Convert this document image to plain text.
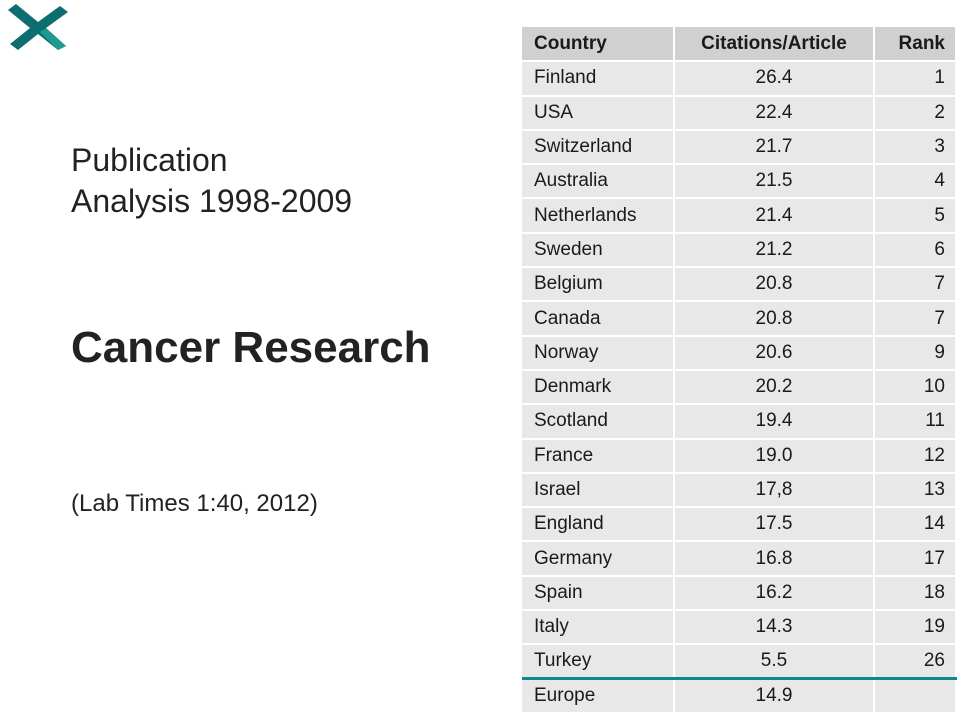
Publication
Analysis 1998-2009
Cancer Research
(Lab Times 1:40, 2012)
Country	Citations/Article	Rank
Finland	26.4	1
USA	22.4	2
Switzerland	21.7	3
Australia	21.5	4
Netherlands	21.4	5
Sweden	21.2	6
Belgium	20.8	7
Canada	20.8	7
Norway	20.6	9
Denmark	20.2	10
Scotland	19.4	11
France	19.0	12
Israel	17,8	13
England	17.5	14
Germany	16.8	17
Spain	16.2	18
Italy	14.3	19
Turkey	5.5	26
Europe	14.9	
